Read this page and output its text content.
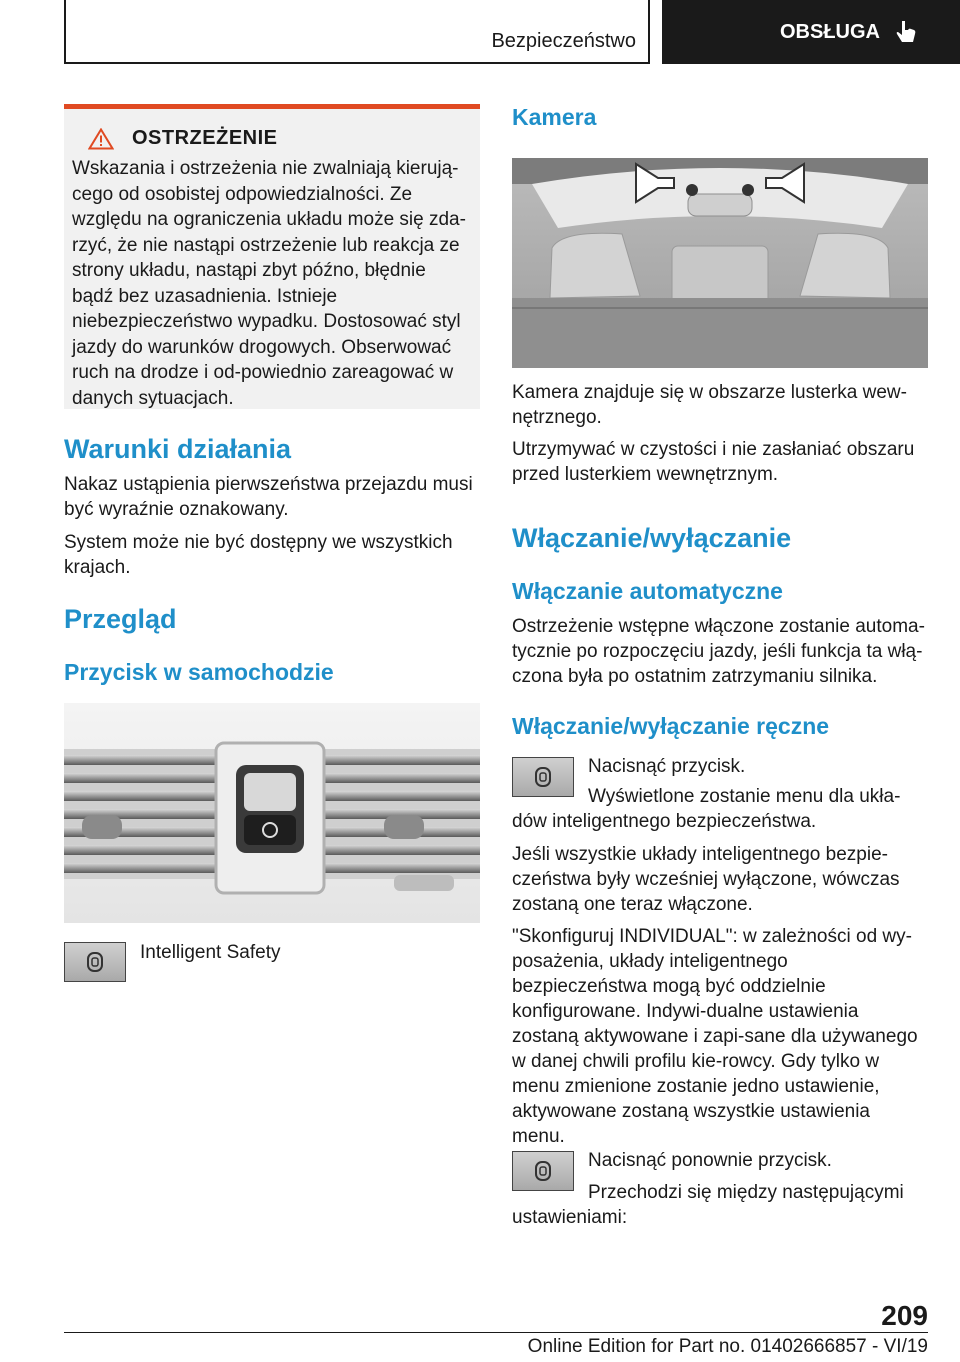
Bezpieczeństwo	OBSŁUGA
OSTRZEŻENIE
Wskazania i ostrzeżenia nie zwalniają kierują-cego od osobistej odpowiedzialności. Ze względu na ograniczenia układu może się zda-rzyć, że nie nastąpi ostrzeżenie lub reakcja ze strony układu, nastąpi zbyt późno, błędnie bądź bez uzasadnienia. Istnieje niebezpieczeństwo wypadku. Dostosować styl jazdy do warunków drogowych. Obserwować ruch na drodze i od-powiednio zareagować w danych sytuacjach.
Warunki działania
Nakaz ustąpienia pierwszeństwa przejazdu musi być wyraźnie oznakowany.
System może nie być dostępny we wszystkich krajach.
Przegląd
Przycisk w samochodzie
Intelligent Safety
Kamera
Kamera znajduje się w obszarze lusterka wew-nętrznego.
Utrzymywać w czystości i nie zasłaniać obszaru przed lusterkiem wewnętrznym.
Włączanie/wyłączanie
Włączanie automatyczne
Ostrzeżenie wstępne włączone zostanie automa-tycznie po rozpoczęciu jazdy, jeśli funkcja ta włą-czona była po ostatnim zatrzymaniu silnika.
Włączanie/wyłączanie ręczne
Nacisnąć przycisk.
Wyświetlone zostanie menu dla ukła-dów inteligentnego bezpieczeństwa.
Jeśli wszystkie układy inteligentnego bezpie-czeństwa były wcześniej wyłączone, wówczas zostaną one teraz włączone.
"Skonfiguruj INDIVIDUAL": w zależności od wy-posażenia, układy inteligentnego bezpieczeństwa mogą być oddzielnie konfigurowane. Indywi-dualne ustawienia zostaną aktywowane i zapi-sane dla używanego w danej chwili profilu kie-rowcy. Gdy tylko w menu zmienione zostanie jedno ustawienie, aktywowane zostaną wszystkie ustawienia menu.
Nacisnąć ponownie przycisk.
Przechodzi się między następującymi ustawieniami:
209
Online Edition for Part no. 01402666857 - VI/19
